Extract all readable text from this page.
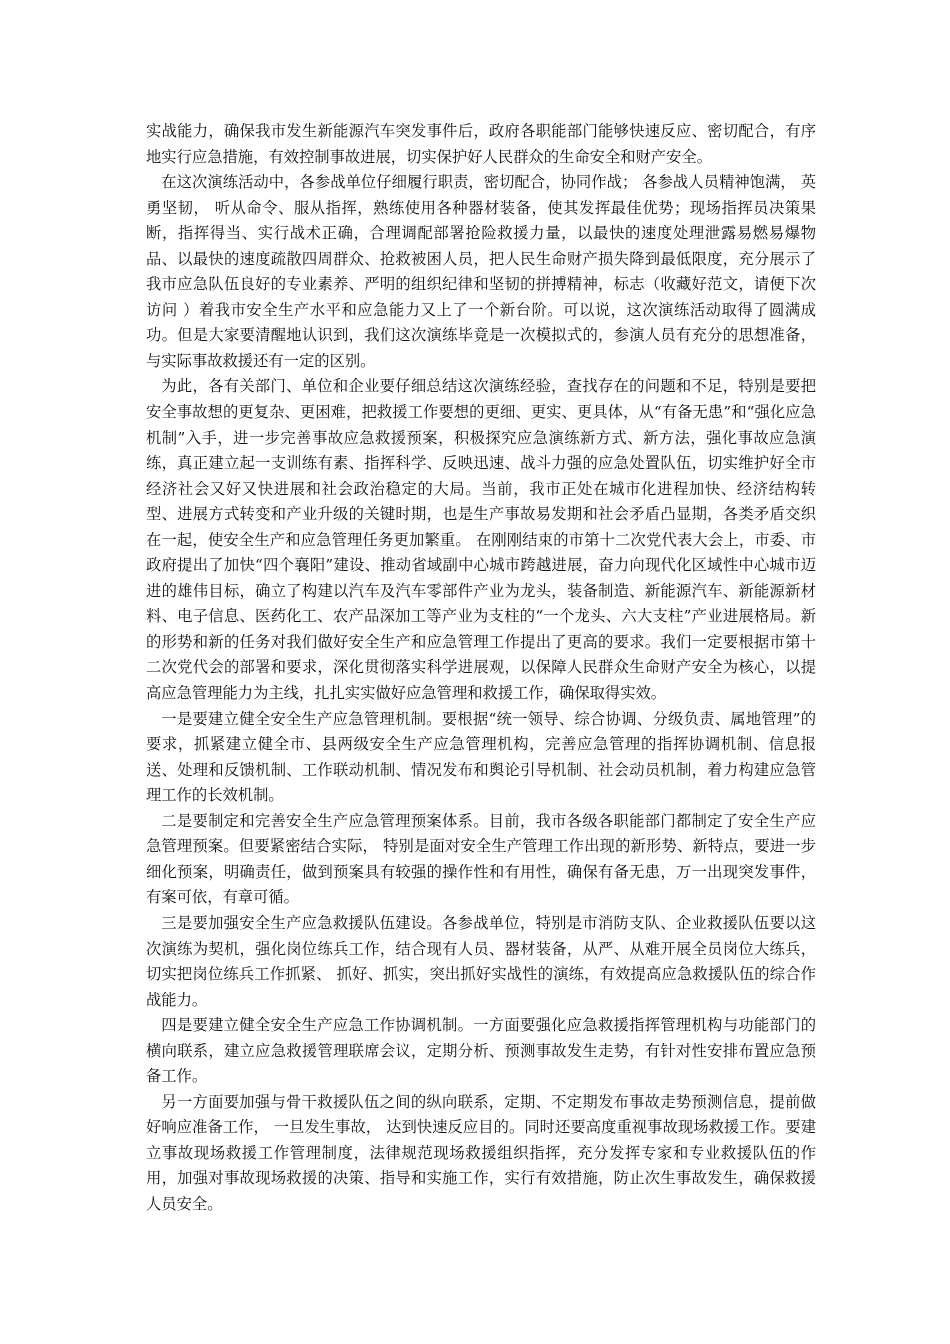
实战能力，确保我市发生新能源汽车突发事件后，政府各职能部门能够快速反应、密切配合，有序地实行应急措施，有效控制事故进展，切实保护好人民群众的生命安全和财产安全。

在这次演练活动中，各参战单位仔细履行职责，密切配合，协同作战； 各参战人员精神饱满， 英勇坚韧， 听从命令、服从指挥，熟练使用各种器材装备，使其发挥最佳优势；现场指挥员决策果断，指挥得当、实行战术正确，合理调配部署抢险救援力量，以最快的速度处理泄露易燃易爆物品、以最快的速度疏散四周群众、抢救被困人员，把人民生命财产损失降到最低限度，充分展示了我市应急队伍良好的专业素养、严明的组织纪律和坚韧的拼搏精神，标志（收藏好范文，请便下次访问 ）着我市安全生产水平和应急能力又上了一个新台阶。可以说，这次演练活动取得了圆满成功。但是大家要清醒地认识到，我们这次演练毕竟是一次模拟式的，参演人员有充分的思想准备，与实际事故救援还有一定的区别。

为此，各有关部门、单位和企业要仔细总结这次演练经验，查找存在的问题和不足，特别是要把安全事故想的更复杂、更困难，把救援工作要想的更细、更实、更具体，从“有备无患”和“强化应急机制”入手，进一步完善事故应急救援预案，积极探究应急演练新方式、新方法，强化事故应急演练，真正建立起一支训练有素、指挥科学、反映迅速、战斗力强的应急处置队伍，切实维护好全市经济社会又好又快进展和社会政治稳定的大局。当前，我市正处在城市化进程加快、经济结构转型、进展方式转变和产业升级的关键时期，也是生产事故易发期和社会矛盾凸显期，各类矛盾交织在一起，使安全生产和应急管理任务更加繁重。 在刚刚结束的市第十二次党代表大会上，市委、市政府提出了加快“四个襄阳”建设、推动省域副中心城市跨越进展，奋力向现代化区域性中心城市迈进的雄伟目标，确立了构建以汽车及汽车零部件产业为龙头，装备制造、新能源汽车、新能源新材料、电子信息、医药化工、农产品深加工等产业为支柱的“一个龙头、六大支柱”产业进展格局。新的形势和新的任务对我们做好安全生产和应急管理工作提出了更高的要求。我们一定要根据市第十二次党代会的部署和要求，深化贯彻落实科学进展观，以保障人民群众生命财产安全为核心，以提高应急管理能力为主线，扎扎实实做好应急管理和救援工作，确保取得实效。

一是要建立健全安全生产应急管理机制。要根据“统一领导、综合协调、分级负责、属地管理”的要求，抓紧建立健全市、县两级安全生产应急管理机构，完善应急管理的指挥协调机制、信息报送、处理和反馈机制、工作联动机制、情况发布和舆论引导机制、社会动员机制，着力构建应急管理工作的长效机制。

二是要制定和完善安全生产应急管理预案体系。目前，我市各级各职能部门都制定了安全生产应急管理预案。但要紧密结合实际， 特别是面对安全生产管理工作出现的新形势、新特点，要进一步细化预案，明确责任，做到预案具有较强的操作性和有用性，确保有备无患，万一出现突发事件，有案可依，有章可循。

三是要加强安全生产应急救援队伍建设。各参战单位，特别是市消防支队、企业救援队伍要以这次演练为契机，强化岗位练兵工作，结合现有人员、器材装备，从严、从难开展全员岗位大练兵， 切实把岗位练兵工作抓紧、 抓好、抓实，突出抓好实战性的演练，有效提高应急救援队伍的综合作战能力。

四是要建立健全安全生产应急工作协调机制。一方面要强化应急救援指挥管理机构与功能部门的横向联系，建立应急救援管理联席会议，定期分析、预测事故发生走势，有针对性安排布置应急预备工作。

另一方面要加强与骨干救援队伍之间的纵向联系，定期、不定期发布事故走势预测信息，提前做好响应准备工作， 一旦发生事故， 达到快速反应目的。同时还要高度重视事故现场救援工作。要建立事故现场救援工作管理制度，法律规范现场救援组织指挥，充分发挥专家和专业救援队伍的作用，加强对事故现场救援的决策、指导和实施工作，实行有效措施，防止次生事故发生，确保救援人员安全。
